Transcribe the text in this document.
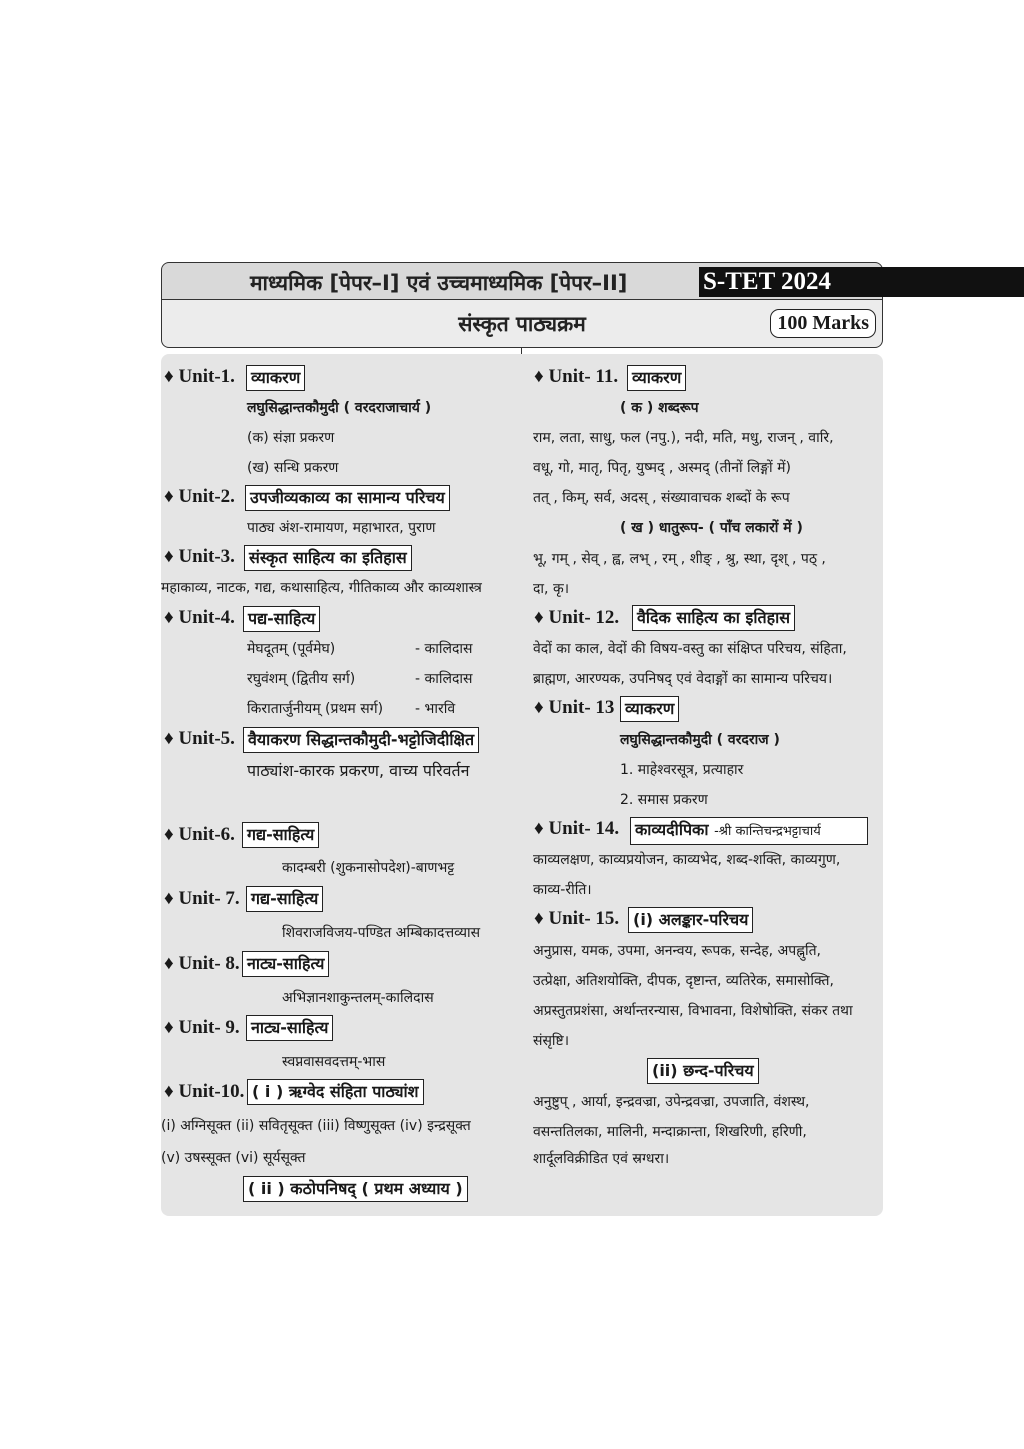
माध्यमिक [पेपर–I] एवं उच्चमाध्यमिक [पेपर–II]	S-TET 2024
संस्कृत पाठ्यक्रम	100 Marks
♦ Unit-1.	व्याकरण
लघुसिद्धान्तकौमुदी ( वरदराजाचार्य )
(क) संज्ञा प्रकरण
(ख) सन्धि प्रकरण
♦ Unit-2. उपजीव्यकाव्य का सामान्य परिचय
पाठ्य अंश-रामायण, महाभारत, पुराण
♦ Unit-3. संस्कृत साहित्य का इतिहास
महाकाव्य, नाटक, गद्य, कथासाहित्य, गीतिकाव्य और काव्यशास्त्र
♦ Unit-4. पद्य-साहित्य
मेघदूतम् (पूर्वमेघ)	- कालिदास
रघुवंशम् (द्वितीय सर्ग)	- कालिदास
किरातार्जुनीयम् (प्रथम सर्ग) - भारवि
♦ Unit-5. वैयाकरण सिद्धान्तकौमुदी-भट्टोजिदीक्षित
पाठ्यांश-कारक प्रकरण, वाच्य परिवर्तन
♦ Unit-6. गद्य-साहित्य
कादम्बरी (शुकनासोपदेश)-बाणभट्ट
♦ Unit- 7. गद्य-साहित्य
शिवराजविजय-पण्डित अम्बिकादत्तव्यास
♦ Unit- 8. नाट्य-साहित्य
अभिज्ञानशाकुन्तलम्-कालिदास
♦ Unit- 9. नाट्य-साहित्य
स्वप्नवासवदत्तम्-भास
♦ Unit-10. ( i ) ऋग्वेद संहिता पाठ्यांश
(i) अग्निसूक्त (ii) सवितृसूक्त (iii) विष्णुसूक्त (iv) इन्द्रसूक्त
(v) उषस्सूक्त (vi) सूर्यसूक्त
( ii ) कठोपनिषद् ( प्रथम अध्याय )
♦ Unit- 11. व्याकरण
( क ) शब्दरूप
राम, लता, साधु, फल (नपु.), नदी, मति, मधु, राजन् , वारि,
वधू, गो, मातृ, पितृ, युष्मद् , अस्मद् (तीनों लिङ्गों में)
तत् , किम्, सर्व, अदस् , संख्यावाचक शब्दों के रूप
( ख ) धातुरूप- ( पाँच लकारों में )
भू, गम् , सेव् , ह्व, लभ् , रम् , शीङ् , श्रु, स्था, दृश् , पठ् ,
दा, कृ।
♦ Unit- 12.	वैदिक साहित्य का इतिहास
वेदों का काल, वेदों की विषय-वस्तु का संक्षिप्त परिचय, संहिता,
ब्राह्मण, आरण्यक, उपनिषद् एवं वेदाङ्गों का सामान्य परिचय।
♦ Unit- 13 व्याकरण
लघुसिद्धान्तकौमुदी ( वरदराज )
1. माहेश्वरसूत्र, प्रत्याहार
2. समास प्रकरण
♦ Unit- 14. काव्यदीपिका -श्री कान्तिचन्द्रभट्टाचार्य
काव्यलक्षण, काव्यप्रयोजन, काव्यभेद, शब्द-शक्ति, काव्यगुण,
काव्य-रीति।
♦ Unit- 15. (i) अलङ्कार-परिचय
अनुप्रास, यमक, उपमा, अनन्वय, रूपक, सन्देह, अपह्नुति,
उत्प्रेक्षा, अतिशयोक्ति, दीपक, दृष्टान्त, व्यतिरेक, समासोक्ति,
अप्रस्तुतप्रशंसा, अर्थान्तरन्यास, विभावना, विशेषोक्ति, संकर तथा
संसृष्टि।
(ii) छन्द-परिचय
अनुष्टुप् , आर्या, इन्द्रवज्रा, उपेन्द्रवज्रा, उपजाति, वंशस्थ,
वसन्ततिलका, मालिनी, मन्दाक्रान्ता, शिखरिणी, हरिणी,
शार्दूलविक्रीडित एवं स्रग्धरा।
